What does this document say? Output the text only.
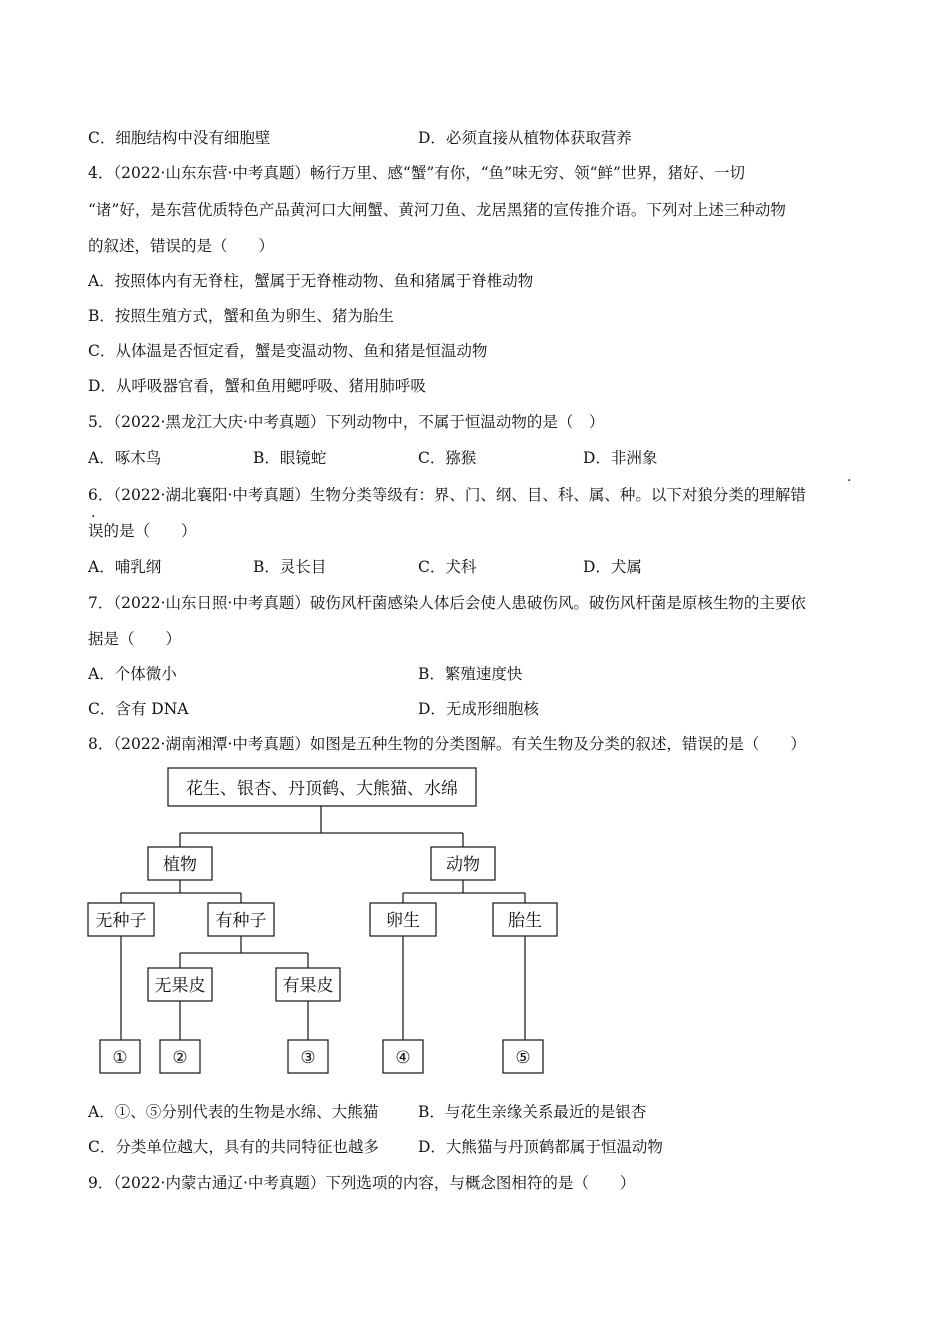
C．细胞结构中没有细胞壁	D．必须直接从植物体获取营养
4．（2022·山东东营·中考真题）畅行万里、感“蟹”有你，“鱼”味无穷、领“鲜”世界，猪好、一切
“诸”好，是东营优质特色产品黄河口大闸蟹、黄河刀鱼、龙居黑猪的宣传推介语。下列对上述三种动物
的叙述，错误的是（　　）
A．按照体内有无脊柱，蟹属于无脊椎动物、鱼和猪属于脊椎动物
B．按照生殖方式，蟹和鱼为卵生、猪为胎生
C．从体温是否恒定看，蟹是变温动物、鱼和猪是恒温动物
D．从呼吸器官看，蟹和鱼用鳃呼吸、猪用肺呼吸
5．（2022·黑龙江大庆·中考真题）下列动物中，不属于恒温动物的是（　）
A．啄木鸟	B．眼镜蛇	C．猕猴	D．非洲象
·
6．（2022·湖北襄阳·中考真题）生物分类等级有：界、门、纲、目、科、属、种。以下对狼分类的理解错
·
误的是（　　）
A．哺乳纲	B．灵长目	C．犬科	D．犬属
7．（2022·山东日照·中考真题）破伤风杆菌感染人体后会使人患破伤风。破伤风杆菌是原核生物的主要依
据是（　　）
A．个体微小	B．繁殖速度快
C．含有 DNA	D．无成形细胞核
8．（2022·湖南湘潭·中考真题）如图是五种生物的分类图解。有关生物及分类的叙述，错误的是（　　）
花生、银杏、丹顶鹤、大熊猫、水绵
植物	动物
无种子	有种子	卵生	胎生
无果皮	有果皮
①	②	③	④	⑤
A．①、⑤分别代表的生物是水绵、大熊猫	B．与花生亲缘关系最近的是银杏
C．分类单位越大，具有的共同特征也越多	D．大熊猫与丹顶鹤都属于恒温动物
9．（2022·内蒙古通辽·中考真题）下列选项的内容，与概念图相符的是（　　）
